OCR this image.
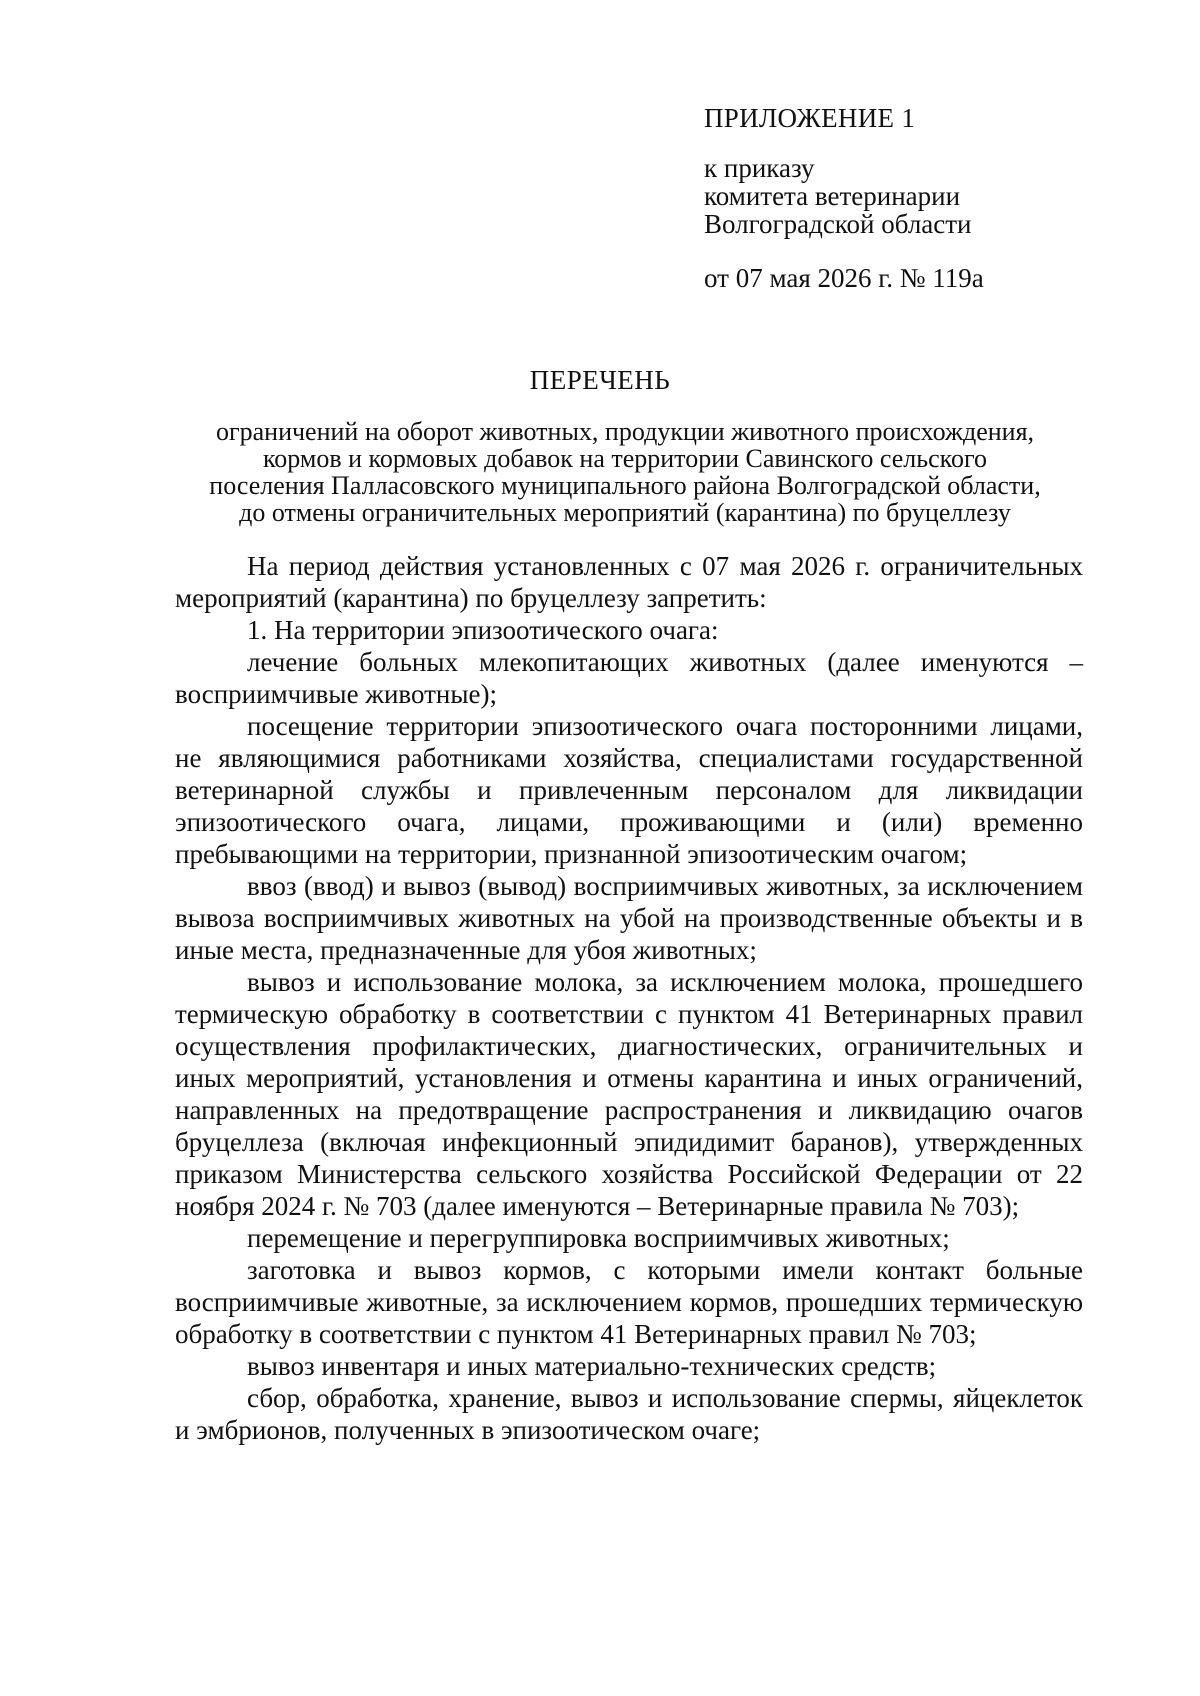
ПРИЛОЖЕНИЕ 1

к приказу

комитета ветеринарии

Волгоградской области

от 07 мая 2026 г. № 119а

ПЕРЕЧЕНЬ
ограничений на оборот животных, продукции животного происхождения,
кормов и кормовых добавок на территории Савинского сельского
поселения Палласовского муниципального района Волгоградской области,
до отмены ограничительных мероприятий (карантина) по бруцеллезу

На период действия установленных с 07 мая 2026 г. ограничительных мероприятий (карантина) по бруцеллезу запретить:

1. На территории эпизоотического очага:

лечение больных млекопитающих животных (далее именуются – восприимчивые животные);

посещение территории эпизоотического очага посторонними лицами, не являющимися работниками хозяйства, специалистами государственной ветеринарной службы и привлеченным персоналом для ликвидации эпизоотического очага, лицами, проживающими и (или) временно пребывающими на территории, признанной эпизоотическим очагом;

ввоз (ввод) и вывоз (вывод) восприимчивых животных, за исключением вывоза восприимчивых животных на убой на производственные объекты и в иные места, предназначенные для убоя животных;

вывоз и использование молока, за исключением молока, прошедшего термическую обработку в соответствии с пунктом 41 Ветеринарных правил осуществления профилактических, диагностических, ограничительных и иных мероприятий, установления и отмены карантина и иных ограничений, направленных на предотвращение распространения и ликвидацию очагов бруцеллеза (включая инфекционный эпидидимит баранов), утвержденных приказом Министерства сельского хозяйства Российской Федерации от 22 ноября 2024 г. № 703 (далее именуются – Ветеринарные правила № 703);

перемещение и перегруппировка восприимчивых животных;

заготовка и вывоз кормов, с которыми имели контакт больные восприимчивые животные, за исключением кормов, прошедших термическую обработку в соответствии с пунктом 41 Ветеринарных правил № 703;

вывоз инвентаря и иных материально-технических средств;

сбор, обработка, хранение, вывоз и использование спермы, яйцеклеток и эмбрионов, полученных в эпизоотическом очаге;
